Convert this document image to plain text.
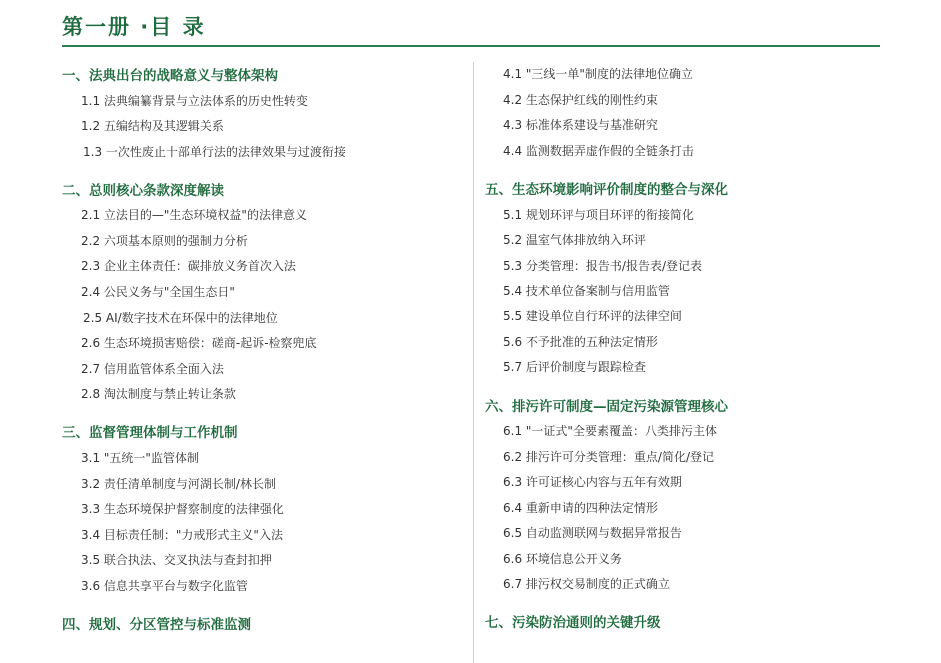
第一册 ·目 录
一、法典出台的战略意义与整体架构
1.1 法典编纂背景与立法体系的历史性转变
1.2 五编结构及其逻辑关系
1.3 一次性废止十部单行法的法律效果与过渡衔接
二、总则核心条款深度解读
2.1 立法目的—"生态环境权益"的法律意义
2.2 六项基本原则的强制力分析
2.3 企业主体责任：碳排放义务首次入法
2.4 公民义务与"全国生态日"
2.5 AI/数字技术在环保中的法律地位
2.6 生态环境损害赔偿：磋商-起诉-检察兜底
2.7 信用监管体系全面入法
2.8 淘汰制度与禁止转让条款
三、监督管理体制与工作机制
3.1 "五统一"监管体制
3.2 责任清单制度与河湖长制/林长制
3.3 生态环境保护督察制度的法律强化
3.4 目标责任制："力戒形式主义"入法
3.5 联合执法、交叉执法与查封扣押
3.6 信息共享平台与数字化监管
四、规划、分区管控与标准监测
4.1 "三线一单"制度的法律地位确立
4.2 生态保护红线的刚性约束
4.3 标准体系建设与基准研究
4.4 监测数据弄虚作假的全链条打击
五、生态环境影响评价制度的整合与深化
5.1 规划环评与项目环评的衔接简化
5.2 温室气体排放纳入环评
5.3 分类管理：报告书/报告表/登记表
5.4 技术单位备案制与信用监管
5.5 建设单位自行环评的法律空间
5.6 不予批准的五种法定情形
5.7 后评价制度与跟踪检查
六、排污许可制度—固定污染源管理核心
6.1 "一证式"全要素覆盖：八类排污主体
6.2 排污许可分类管理：重点/简化/登记
6.3 许可证核心内容与五年有效期
6.4 重新申请的四种法定情形
6.5 自动监测联网与数据异常报告
6.6 环境信息公开义务
6.7 排污权交易制度的正式确立
七、污染防治通则的关键升级
